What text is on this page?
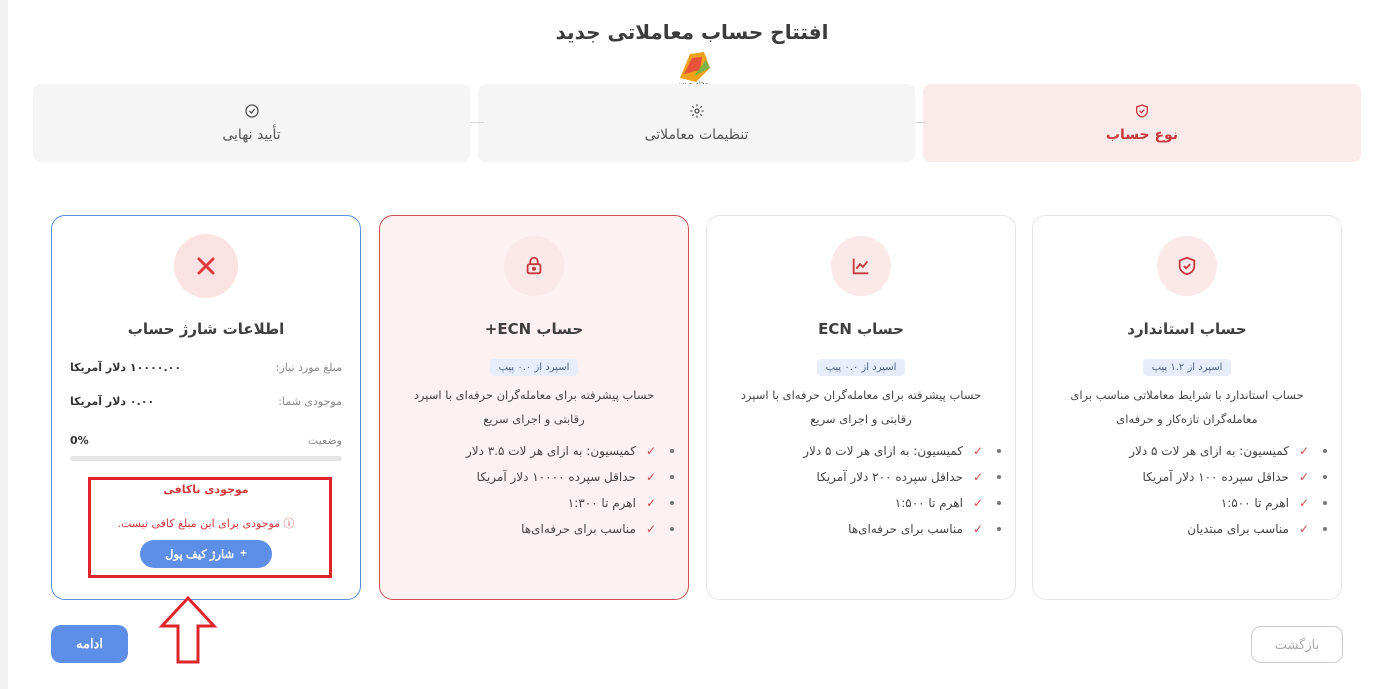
افتتاح حساب معاملاتی جدید
نوع حساب
تنظیمات معاملاتی
تأیید نهایی
حساب استاندارد
اسپرد از ۱.۲ پیپ
حساب استاندارد با شرایط معاملاتی مناسب برای معامله‌گران تازه‌کار و حرفه‌ای
✓
کمیسیون: به ازای هر لات ۵ دلار
✓
حداقل سپرده ۱۰۰ دلار آمریکا
✓
اهرم تا ۱:۵۰۰
✓
مناسب برای مبتدیان
حساب ECN
اسپرد از ۰.۰ پیپ
حساب پیشرفته برای معامله‌گران حرفه‌ای با اسپرد رقابتی و اجرای سریع
✓
کمیسیون: به ازای هر لات ۵ دلار
✓
حداقل سپرده ۲۰۰ دلار آمریکا
✓
اهرم تا ۱:۵۰۰
✓
مناسب برای حرفه‌ای‌ها
حساب ECN+
اسپرد از ۰.۰ پیپ
حساب پیشرفته برای معامله‌گران حرفه‌ای با اسپرد رقابتی و اجرای سریع
✓
کمیسیون: به ازای هر لات ۳.۵ دلار
✓
حداقل سپرده ۱۰۰۰۰ دلار آمریکا
✓
اهرم تا ۱:۳۰۰
✓
مناسب برای حرفه‌ای‌ها
اطلاعات شارژ حساب
مبلغ مورد نیاز:
۱۰۰۰۰.۰۰ دلار آمریکا
موجودی شما:
۰.۰۰ دلار آمریکا
وضعیت
0%
موجودی ناکافی
ⓘ موجودی برای این مبلغ کافی نیست.
+
شارژ کیف پول
ادامه	بازگشت
